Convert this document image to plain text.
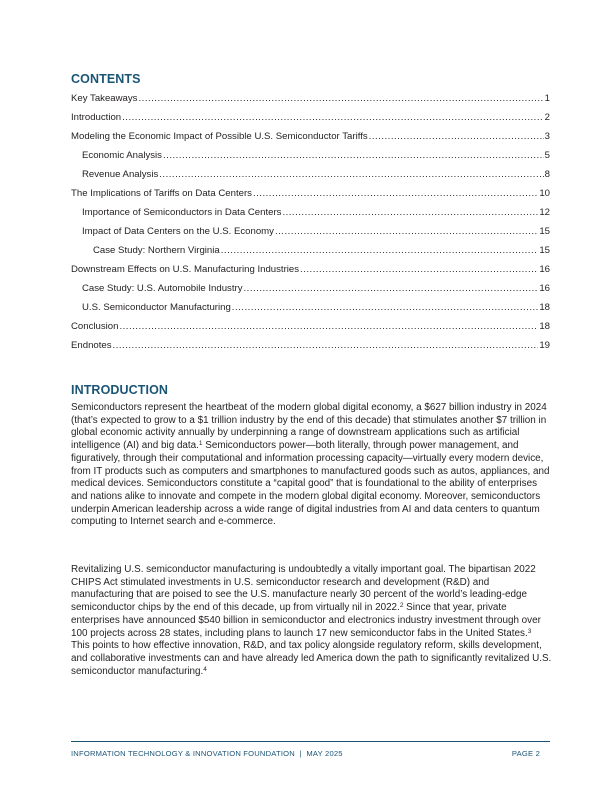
CONTENTS
Key Takeaways .....	1
Introduction .....	2
Modeling the Economic Impact of Possible U.S. Semiconductor Tariffs .....	3
Economic Analysis .....	5
Revenue Analysis .....	8
The Implications of Tariffs on Data Centers .....	10
Importance of Semiconductors in Data Centers .....	12
Impact of Data Centers on the U.S. Economy .....	15
Case Study: Northern Virginia .....	15
Downstream Effects on U.S. Manufacturing Industries .....	16
Case Study: U.S. Automobile Industry .....	16
U.S. Semiconductor Manufacturing .....	18
Conclusion .....	18
Endnotes .....	19
INTRODUCTION

Semiconductors represent the heartbeat of the modern global digital economy, a $627 billion industry in 2024 (that’s expected to grow to a $1 trillion industry by the end of this decade) that stimulates another $7 trillion in global economic activity annually by underpinning a range of downstream applications such as artificial intelligence (AI) and big data.$^1$ Semiconductors power—both literally, through power management, and figuratively, through their computational and information processing capacity—virtually every modern device, from IT products such as computers and smartphones to manufactured goods such as autos, appliances, and medical devices. Semiconductors constitute a “capital good” that is foundational to the ability of enterprises and nations alike to innovate and compete in the modern global digital economy. Moreover, semiconductors underpin American leadership across a wide range of digital industries from AI and data centers to quantum computing to Internet search and e-commerce.

Revitalizing U.S. semiconductor manufacturing is undoubtedly a vitally important goal. The bipartisan 2022 CHIPS Act stimulated investments in U.S. semiconductor research and development (R&D) and manufacturing that are poised to see the U.S. manufacture nearly 30 percent of the world’s leading-edge semiconductor chips by the end of this decade, up from virtually nil in 2022.$^2$ Since that year, private enterprises have announced $540 billion in semiconductor and electronics industry investment through over 100 projects across 28 states, including plans to launch 17 new semiconductor fabs in the United States.$^3$ This points to how effective innovation, R&D, and tax policy alongside regulatory reform, skills development, and collaborative investments can and have already led America down the path to significantly revitalized U.S. semiconductor manufacturing.$^4$

INFORMATION TECHNOLOGY & INNOVATION FOUNDATION  |  MAY 2025	PAGE 2
